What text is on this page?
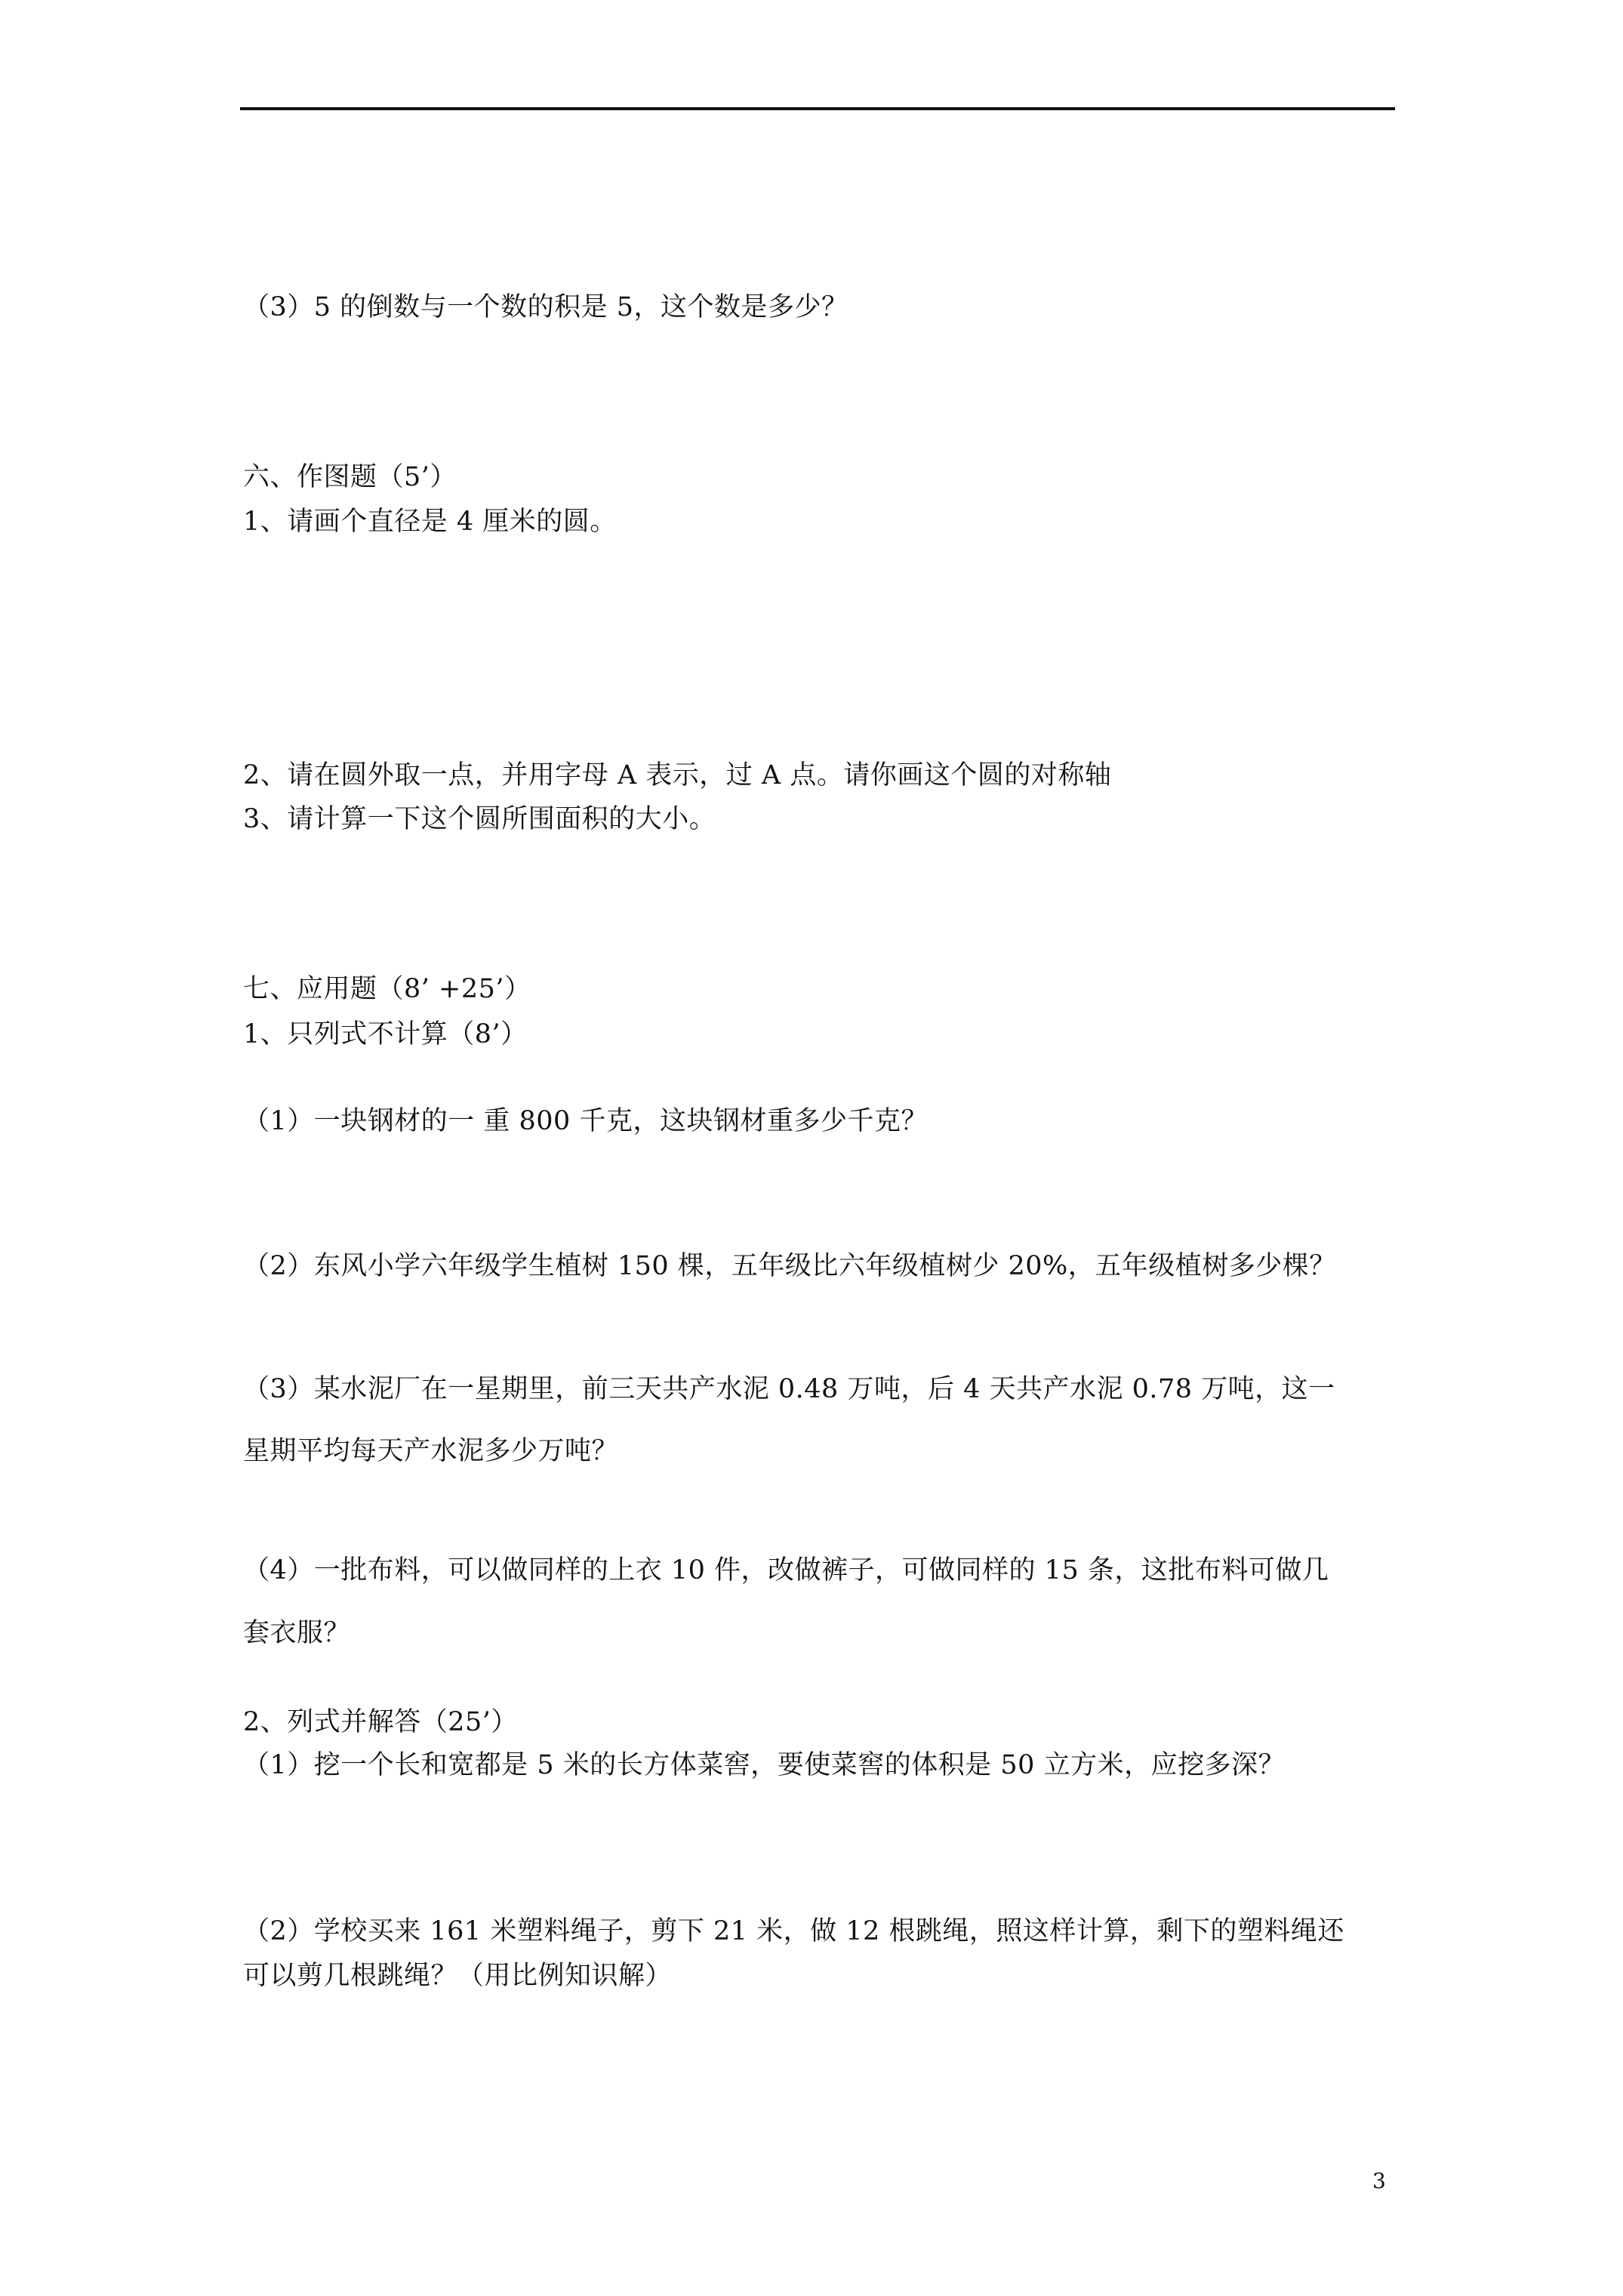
（3）5 的倒数与一个数的积是 5，这个数是多少？
六、作图题（5’）
1、请画个直径是 4 厘米的圆。
2、请在圆外取一点，并用字母 A 表示，过 A 点。请你画这个圆的对称轴
3、请计算一下这个圆所围面积的大小。
七、应用题（8’ +25’）
1、只列式不计算（8’）
（1）一块钢材的一 重 800 千克，这块钢材重多少千克？
（2）东风小学六年级学生植树 150 棵，五年级比六年级植树少 20%，五年级植树多少棵？
（3）某水泥厂在一星期里，前三天共产水泥 0.48 万吨，后 4 天共产水泥 0.78 万吨，这一
星期平均每天产水泥多少万吨？
（4）一批布料，可以做同样的上衣 10 件，改做裤子，可做同样的 15 条，这批布料可做几
套衣服？
2、列式并解答（25’）
（1）挖一个长和宽都是 5 米的长方体菜窖，要使菜窖的体积是 50 立方米，应挖多深？
（2）学校买来 161 米塑料绳子，剪下 21 米，做 12 根跳绳，照这样计算，剩下的塑料绳还
可以剪几根跳绳？（用比例知识解）
3
